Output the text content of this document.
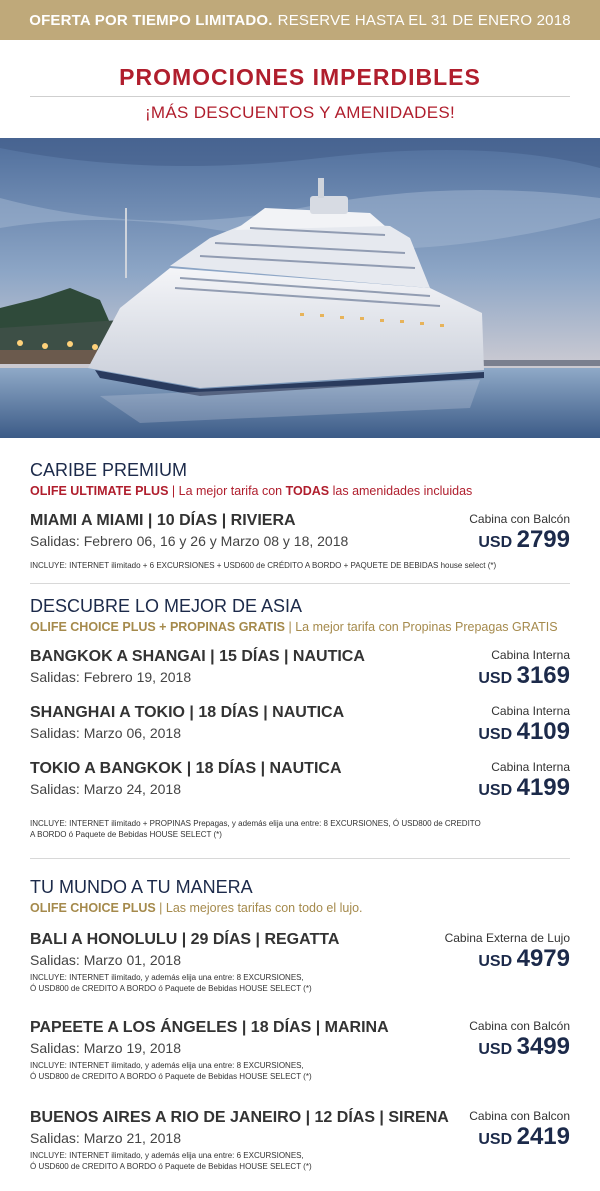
OFERTA POR TIEMPO LIMITADO. RESERVE HASTA EL 31 DE ENERO 2018
PROMOCIONES IMPERDIBLES
¡MÁS DESCUENTOS Y AMENIDADES!
CARIBE PREMIUM
OLIFE ULTIMATE PLUS | La mejor tarifa con TODAS las amenidades incluidas
MIAMI A MIAMI | 10 DÍAS | RIVIERA
Salidas: Febrero 06, 16 y 26 y Marzo 08 y 18, 2018
Cabina con Balcón
USD 2799
INCLUYE: INTERNET ilimitado + 6 EXCURSIONES + USD600 de CRÉDITO A BORDO + PAQUETE DE BEBIDAS house select (*)
DESCUBRE LO MEJOR DE ASIA
OLIFE CHOICE PLUS + PROPINAS GRATIS | La mejor tarifa con Propinas Prepagas GRATIS
BANGKOK A SHANGAI | 15 DÍAS | NAUTICA
Salidas: Febrero 19, 2018
Cabina Interna
USD 3169
SHANGHAI A TOKIO | 18 DÍAS | NAUTICA
Salidas: Marzo 06, 2018
Cabina Interna
USD 4109
TOKIO A BANGKOK | 18 DÍAS | NAUTICA
Salidas: Marzo 24, 2018
Cabina Interna
USD 4199
INCLUYE: INTERNET ilimitado + PROPINAS Prepagas, y además elija una entre: 8 EXCURSIONES, Ó USD800 de CREDITO
A BORDO ó Paquete de Bebidas HOUSE SELECT (*)
TU MUNDO A TU MANERA
OLIFE CHOICE PLUS | Las mejores tarifas con todo el lujo.
BALI A HONOLULU | 29 DÍAS | REGATTA
Salidas: Marzo 01, 2018
INCLUYE: INTERNET ilimitado, y además elija una entre: 8 EXCURSIONES,
Ó USD800 de CREDITO A BORDO ó Paquete de Bebidas HOUSE SELECT (*)
Cabina Externa de Lujo
USD 4979
PAPEETE A LOS ÁNGELES | 18 DÍAS | MARINA
Salidas: Marzo 19, 2018
INCLUYE: INTERNET ilimitado, y además elija una entre: 8 EXCURSIONES,
Ó USD800 de CREDITO A BORDO ó Paquete de Bebidas HOUSE SELECT (*)
Cabina con Balcón
USD 3499
BUENOS AIRES A RIO DE JANEIRO | 12 DÍAS | SIRENA
Salidas: Marzo 21, 2018
INCLUYE: INTERNET ilimitado, y además elija una entre: 6 EXCURSIONES,
Ó USD600 de CREDITO A BORDO ó Paquete de Bebidas HOUSE SELECT (*)
Cabina con Balcon
USD 2419
